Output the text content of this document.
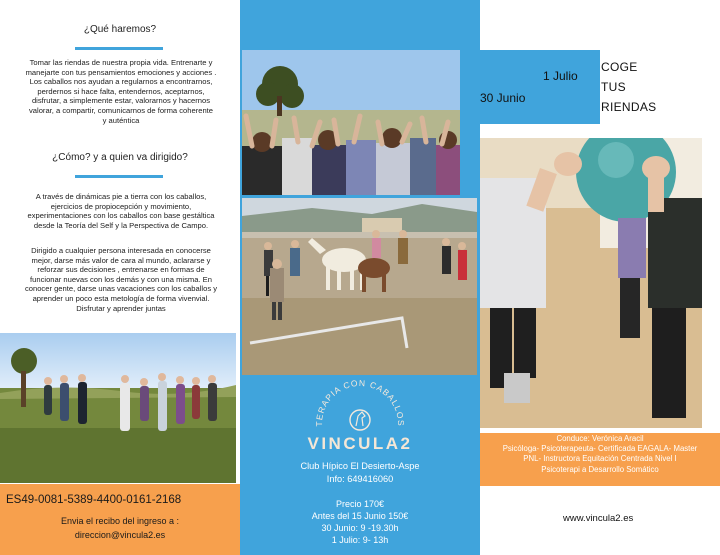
¿Qué haremos?
Tomar las riendas de nuestra propia vida. Entrenarte y
manejarte con tus pensamientos emociones y acciones .
Los caballos nos ayudan a regularnos a encontrarnos,
perdernos si hace falta, entendernos, aceptarnos,
disfrutar, a simplemente estar, valorarnos y hacernos
valorar, a compartir, comunicarnos de forma coherente
y auténtica
¿Cómo? y a quien va dirigido?
A través de dinámicas pie a tierra con los caballos,
ejercicios de propiocepción y movimiento,
experimentaciones con los caballos con base gestáltica
desde la Teoría del Self y la Perspectiva de Campo.
Dirigido a cualquier persona interesada en conocerse
mejor, darse más valor de cara al mundo, aclararse y
reforzar sus decisiones , entrenarse en formas de
funcionar nuevas con los demás y con una misma. En
conocer gente, darse unas vacaciones con los caballos y
aprender un poco esta metología de forma vivenvial.
Disfrutar y aprender juntas
ES49-0081-5389-4400-0161-2168
Envia el recibo del ingreso a :
direccion@vincula2.es
TERAPIA CON CABALLOS
VINCULA2
Club Hípico El Desierto-Aspe
Info: 649416060
Precio 170€
Antes del 15 Junio 150€
30 Junio: 9 -19.30h
1 Julio: 9- 13h
1 Julio
30 Junio
COGE
TUS
RIENDAS
Conduce: Verónica Aracil
Psicóloga- Psicoterapeuta- Certificada EAGALA- Master
PNL- Instructora Equitación Centrada Nivel I
Psicoterapi a Desarrollo Somático
www.vincula2.es
